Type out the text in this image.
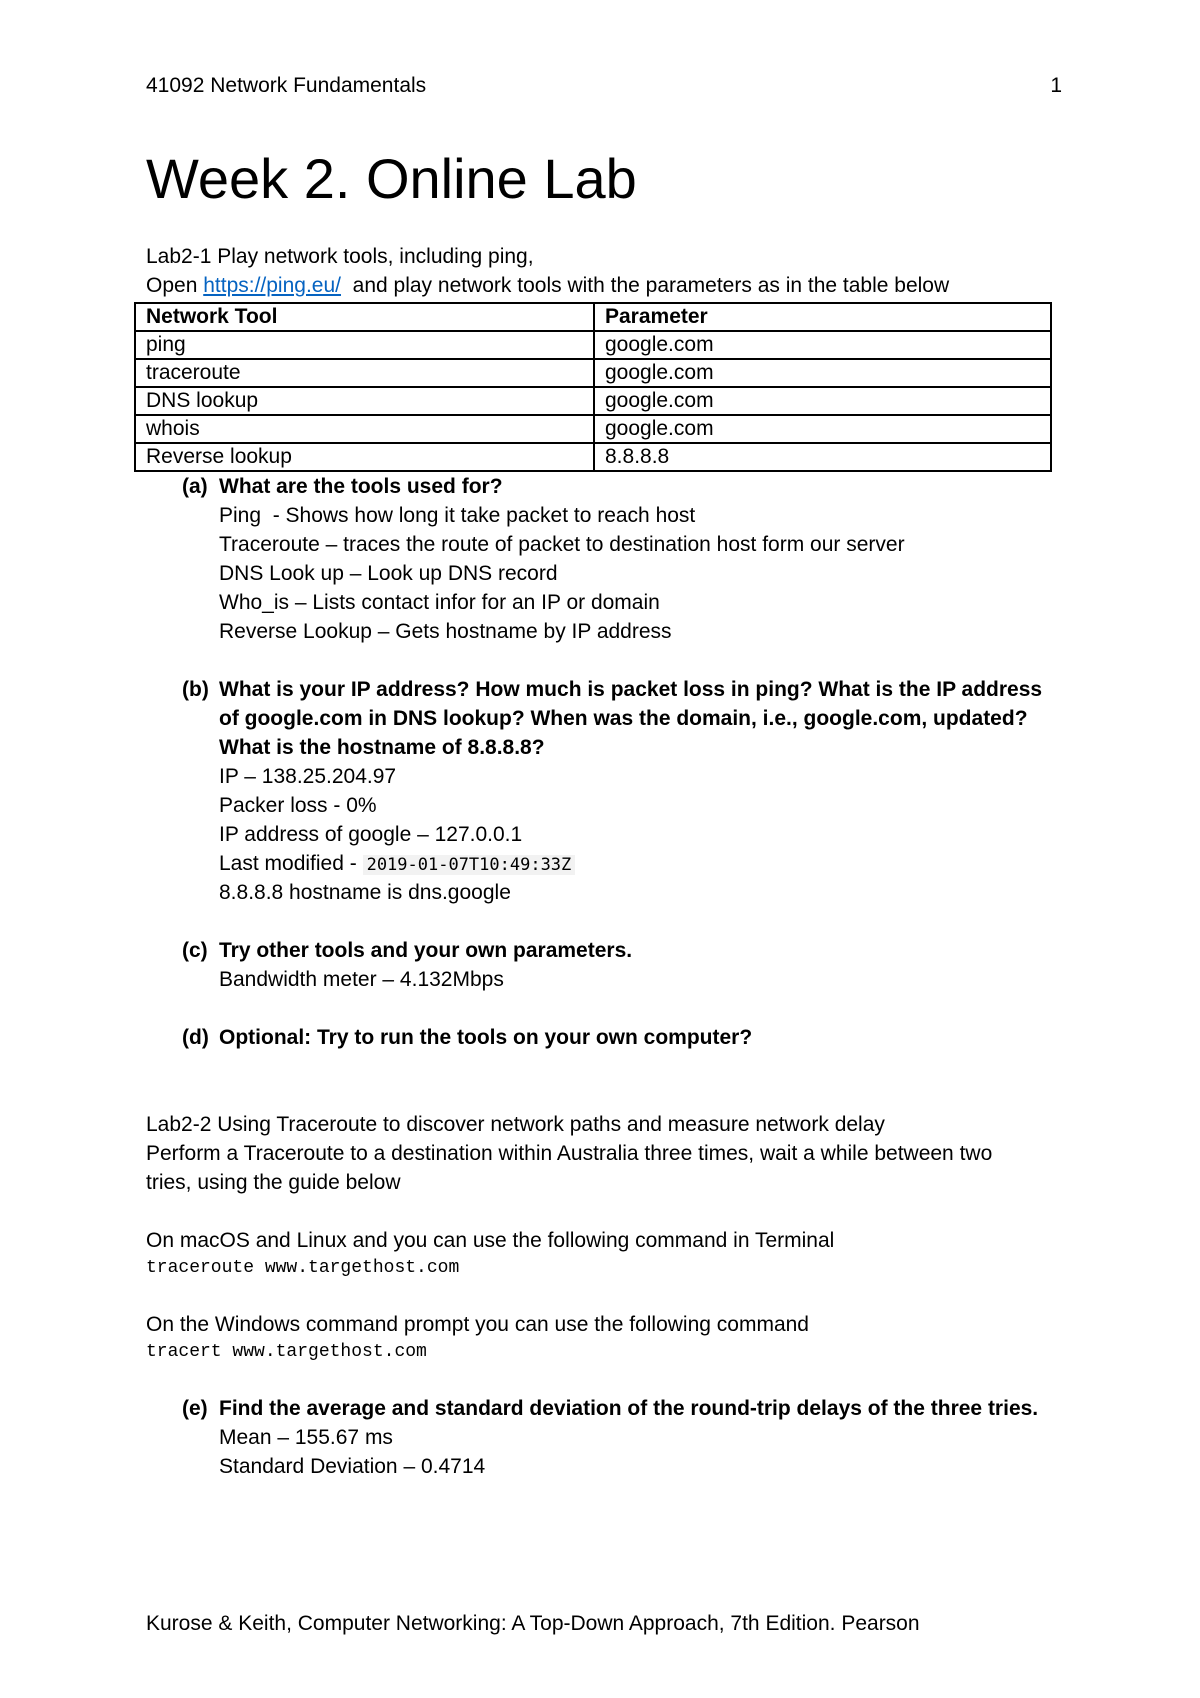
41092 Network Fundamentals	1
Week 2. Online Lab
Lab2-1 Play network tools, including ping,
Open https://ping.eu/  and play network tools with the parameters as in the table below
Network Tool	Parameter
ping	google.com
traceroute	google.com
DNS lookup	google.com
whois	google.com
Reverse lookup	8.8.8.8
(a) What are the tools used for?
Ping  - Shows how long it take packet to reach host
Traceroute – traces the route of packet to destination host form our server
DNS Look up – Look up DNS record
Who_is – Lists contact infor for an IP or domain
Reverse Lookup – Gets hostname by IP address
(b) What is your IP address? How much is packet loss in ping? What is the IP address of google.com in DNS lookup? When was the domain, i.e., google.com, updated? What is the hostname of 8.8.8.8?
IP – 138.25.204.97
Packer loss - 0%
IP address of google – 127.0.0.1
Last modified - 2019-01-07T10:49:33Z
8.8.8.8 hostname is dns.google
(c) Try other tools and your own parameters.
Bandwidth meter – 4.132Mbps
(d) Optional: Try to run the tools on your own computer?
Lab2-2 Using Traceroute to discover network paths and measure network delay
Perform a Traceroute to a destination within Australia three times, wait a while between two
tries, using the guide below
On macOS and Linux and you can use the following command in Terminal
traceroute www.targethost.com
On the Windows command prompt you can use the following command
tracert www.targethost.com
(e) Find the average and standard deviation of the round-trip delays of the three tries.
Mean – 155.67 ms
Standard Deviation – 0.4714
Kurose & Keith, Computer Networking: A Top-Down Approach, 7th Edition. Pearson
